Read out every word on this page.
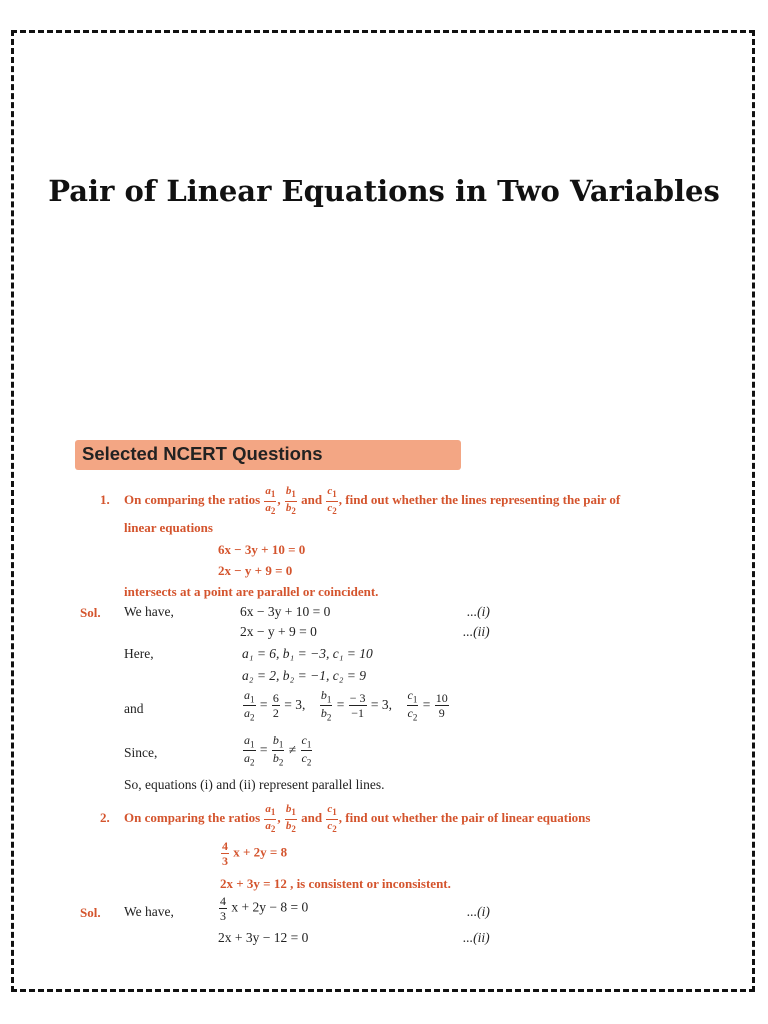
Pair of Linear Equations in Two Variables
Selected NCERT Questions
1. On comparing the ratios $\frac{a_1}{a_2}$ , $\frac{b_1}{b_2}$ and $\frac{c_1}{c_2}$ , find out whether the lines representing the pair of
linear equations
6x − 3y + 10 = 0
2x − y + 9 = 0
intersects at a point are parallel or coincident.
Sol. We have,	6x − 3y + 10 = 0	...(i)
2x − y + 9 = 0	...(ii)
Here,	a₁ = 6, b₁ = −3, c₁ = 10
a₂ = 2, b₂ = −1, c₂ = 9
and	$\frac{a_1}{a_2} = \frac{6}{2} = 3$, $\frac{b_1}{b_2} = \frac{- 3}{-1} = 3$, $\frac{c_1}{c_2} = \frac{10}{9}$
Since,	$\frac{a_1}{a_2} = \frac{b_1}{b_2} \ne \frac{c_1}{c_2}$
So, equations (i) and (ii) represent parallel lines.
2. On comparing the ratios $\frac{a_1}{a_2}$ , $\frac{b_1}{b_2}$ and $\frac{c_1}{c_2}$ , find out whether the pair of linear equations
$\frac{4}{3}$ x + 2y = 8
2x + 3y = 12 , is consistent or inconsistent.
Sol. We have,	$\frac{4}{3}$ x + 2y − 8 = 0	...(i)
2x + 3y − 12 = 0	...(ii)
